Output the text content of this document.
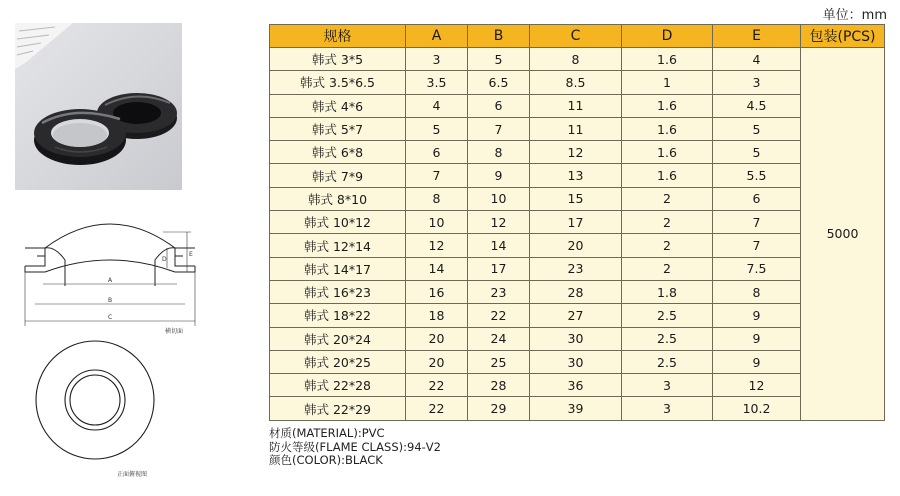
A
B
C
D
E
横切面
正面俯视图
单位：mm
规格	A	B	C	D	E	包装(PCS)
韩式 3*5	3	5	8	1.6	4	5000
韩式 3.5*6.5	3.5	6.5	8.5	1	3	
韩式 4*6	4	6	11	1.6	4.5	
韩式 5*7	5	7	11	1.6	5	
韩式 6*8	6	8	12	1.6	5	
韩式 7*9	7	9	13	1.6	5.5	
韩式 8*10	8	10	15	2	6	
韩式 10*12	10	12	17	2	7	
韩式 12*14	12	14	20	2	7	
韩式 14*17	14	17	23	2	7.5	
韩式 16*23	16	23	28	1.8	8	
韩式 18*22	18	22	27	2.5	9	
韩式 20*24	20	24	30	2.5	9	
韩式 20*25	20	25	30	2.5	9	
韩式 22*28	22	28	36	3	12	
韩式 22*29	22	29	39	3	10.2	
材质(MATERIAL):PVC
防火等级(FLAME CLASS):94-V2
颜色(COLOR):BLACK
